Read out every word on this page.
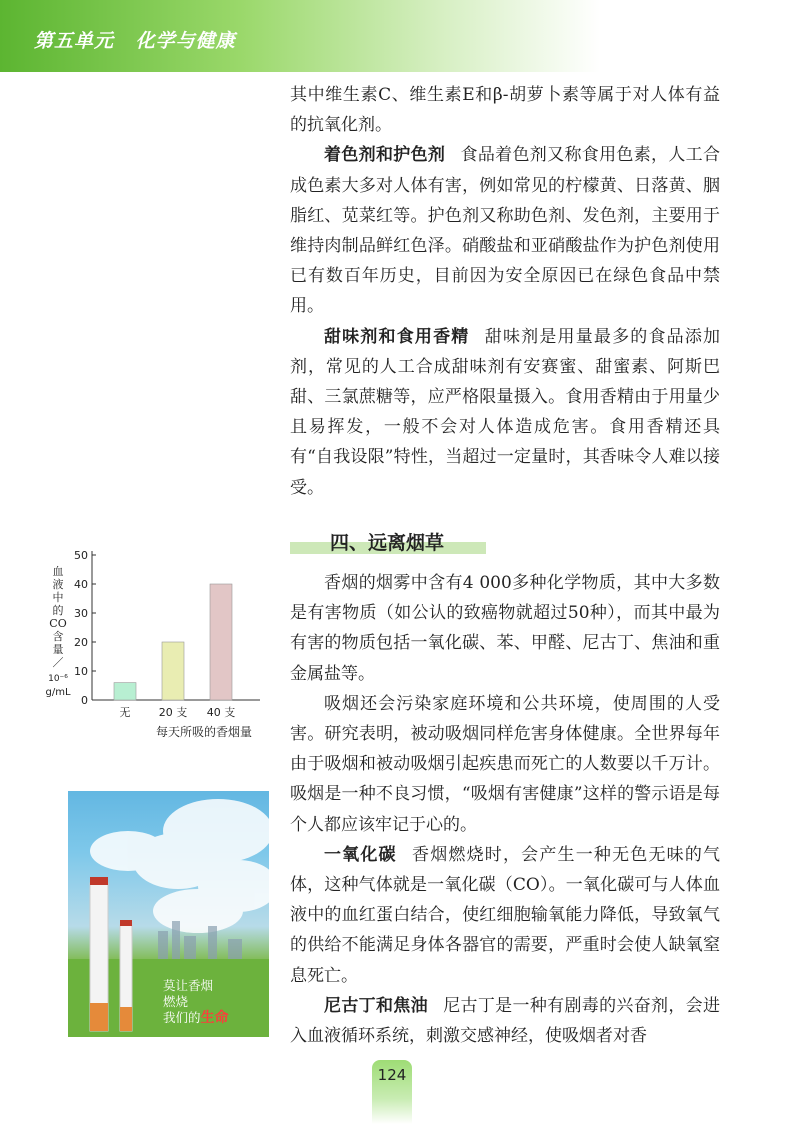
第五单元 化学与健康

其中维生素C、维生素E和β-胡萝卜素等属于对人体有益的抗氧化剂。

着色剂和护色剂 食品着色剂又称食用色素，人工合成色素大多对人体有害，例如常见的柠檬黄、日落黄、胭脂红、苋菜红等。护色剂又称助色剂、发色剂，主要用于维持肉制品鲜红色泽。硝酸盐和亚硝酸盐作为护色剂使用已有数百年历史，目前因为安全原因已在绿色食品中禁用。

甜味剂和食用香精 甜味剂是用量最多的食品添加剂，常见的人工合成甜味剂有安赛蜜、甜蜜素、阿斯巴甜、三氯蔗糖等，应严格限量摄入。食用香精由于用量少且易挥发，一般不会对人体造成危害。食用香精还具有“自我设限”特性，当超过一定量时，其香味令人难以接受。

四、远离烟草

香烟的烟雾中含有4 000多种化学物质，其中大多数是有害物质（如公认的致癌物就超过50种），而其中最为有害的物质包括一氧化碳、苯、甲醛、尼古丁、焦油和重金属盐等。

吸烟还会污染家庭环境和公共环境，使周围的人受害。研究表明，被动吸烟同样危害身体健康。全世界每年由于吸烟和被动吸烟引起疾患而死亡的人数要以千万计。吸烟是一种不良习惯，“吸烟有害健康”这样的警示语是每个人都应该牢记于心的。

一氧化碳 香烟燃烧时，会产生一种无色无味的气体，这种气体就是一氧化碳（CO）。一氧化碳可与人体血液中的血红蛋白结合，使红细胞输氧能力降低，导致氧气的供给不能满足身体各器官的需要，严重时会使人缺氧窒息死亡。

尼古丁和焦油 尼古丁是一种有剧毒的兴奋剂，会进入血液循环系统，刺激交感神经，使吸烟者对香

0
10
20
30
40
50
无	20 支 40 支
血
液
中
的
CO
含
量
／
10⁻⁶
g/mL
每天所吸的香烟量
莫让香烟
燃烧
我们的生命
124
